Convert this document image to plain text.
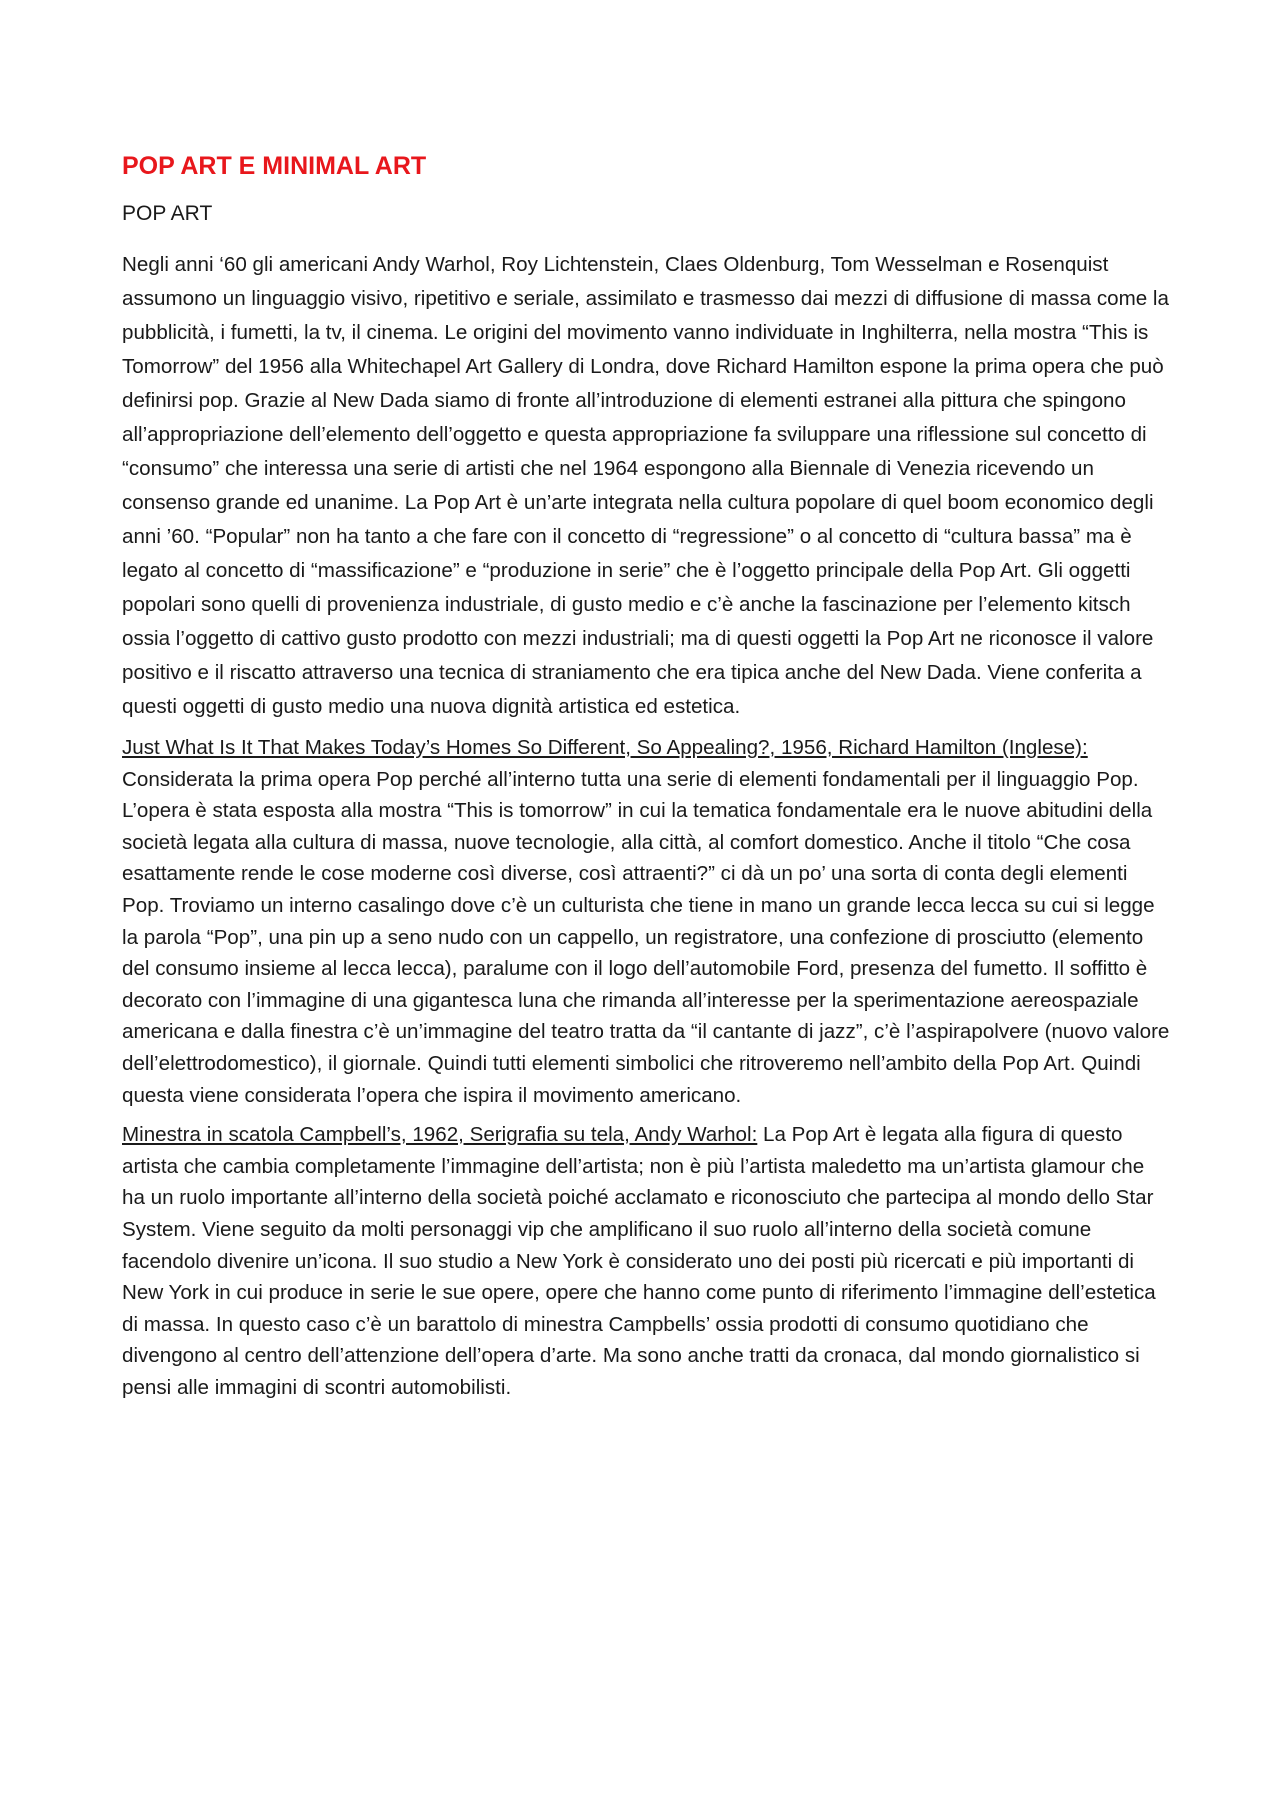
POP ART E MINIMAL ART
POP ART

Negli anni ‘60 gli americani Andy Warhol, Roy Lichtenstein, Claes Oldenburg, Tom Wesselman e Rosenquist assumono un linguaggio visivo, ripetitivo e seriale, assimilato e trasmesso dai mezzi di diffusione di massa come la pubblicità, i fumetti, la tv, il cinema. Le origini del movimento vanno individuate in Inghilterra, nella mostra “This is Tomorrow” del 1956 alla Whitechapel Art Gallery di Londra, dove Richard Hamilton espone la prima opera che può definirsi pop. Grazie al New Dada siamo di fronte all’introduzione di elementi estranei alla pittura che spingono all’appropriazione dell’elemento dell’oggetto e questa appropriazione fa sviluppare una riflessione sul concetto di “consumo” che interessa una serie di artisti che nel 1964 espongono alla Biennale di Venezia ricevendo un consenso grande ed unanime. La Pop Art è un’arte integrata nella cultura popolare di quel boom economico degli anni ’60. “Popular” non ha tanto a che fare con il concetto di “regressione” o al concetto di “cultura bassa” ma è legato al concetto di “massificazione” e “produzione in serie” che è l’oggetto principale della Pop Art. Gli oggetti popolari sono quelli di provenienza industriale, di gusto medio e c’è anche la fascinazione per l’elemento kitsch ossia l’oggetto di cattivo gusto prodotto con mezzi industriali; ma di questi oggetti la Pop Art ne riconosce il valore positivo e il riscatto attraverso una tecnica di straniamento che era tipica anche del New Dada. Viene conferita a questi oggetti di gusto medio una nuova dignità artistica ed estetica.

Just What Is It That Makes Today’s Homes So Different, So Appealing?, 1956, Richard Hamilton (Inglese): Considerata la prima opera Pop perché all’interno tutta una serie di elementi fondamentali per il linguaggio Pop. L’opera è stata esposta alla mostra “This is tomorrow” in cui la tematica fondamentale era le nuove abitudini della società legata alla cultura di massa, nuove tecnologie, alla città, al comfort domestico. Anche il titolo “Che cosa esattamente rende le cose moderne così diverse, così attraenti?” ci dà un po’ una sorta di conta degli elementi Pop. Troviamo un interno casalingo dove c’è un culturista che tiene in mano un grande lecca lecca su cui si legge la parola “Pop”, una pin up a seno nudo con un cappello, un registratore, una confezione di prosciutto (elemento del consumo insieme al lecca lecca), paralume con il logo dell’automobile Ford, presenza del fumetto. Il soffitto è decorato con l’immagine di una gigantesca luna che rimanda all’interesse per la sperimentazione aereospaziale americana e dalla finestra c’è un’immagine del teatro tratta da “il cantante di jazz”, c’è l’aspirapolvere (nuovo valore dell’elettrodomestico), il giornale. Quindi tutti elementi simbolici che ritroveremo nell’ambito della Pop Art. Quindi questa viene considerata l’opera che ispira il movimento americano.

Minestra in scatola Campbell’s, 1962, Serigrafia su tela, Andy Warhol: La Pop Art è legata alla figura di questo artista che cambia completamente l’immagine dell’artista; non è più l’artista maledetto ma un’artista glamour che ha un ruolo importante all’interno della società poiché acclamato e riconosciuto che partecipa al mondo dello Star System. Viene seguito da molti personaggi vip che amplificano il suo ruolo all’interno della società comune facendolo divenire un’icona. Il suo studio a New York è considerato uno dei posti più ricercati e più importanti di New York in cui produce in serie le sue opere, opere che hanno come punto di riferimento l’immagine dell’estetica di massa. In questo caso c’è un barattolo di minestra Campbells’ ossia prodotti di consumo quotidiano che divengono al centro dell’attenzione dell’opera d’arte. Ma sono anche tratti da cronaca, dal mondo giornalistico si pensi alle immagini di scontri automobilisti.
